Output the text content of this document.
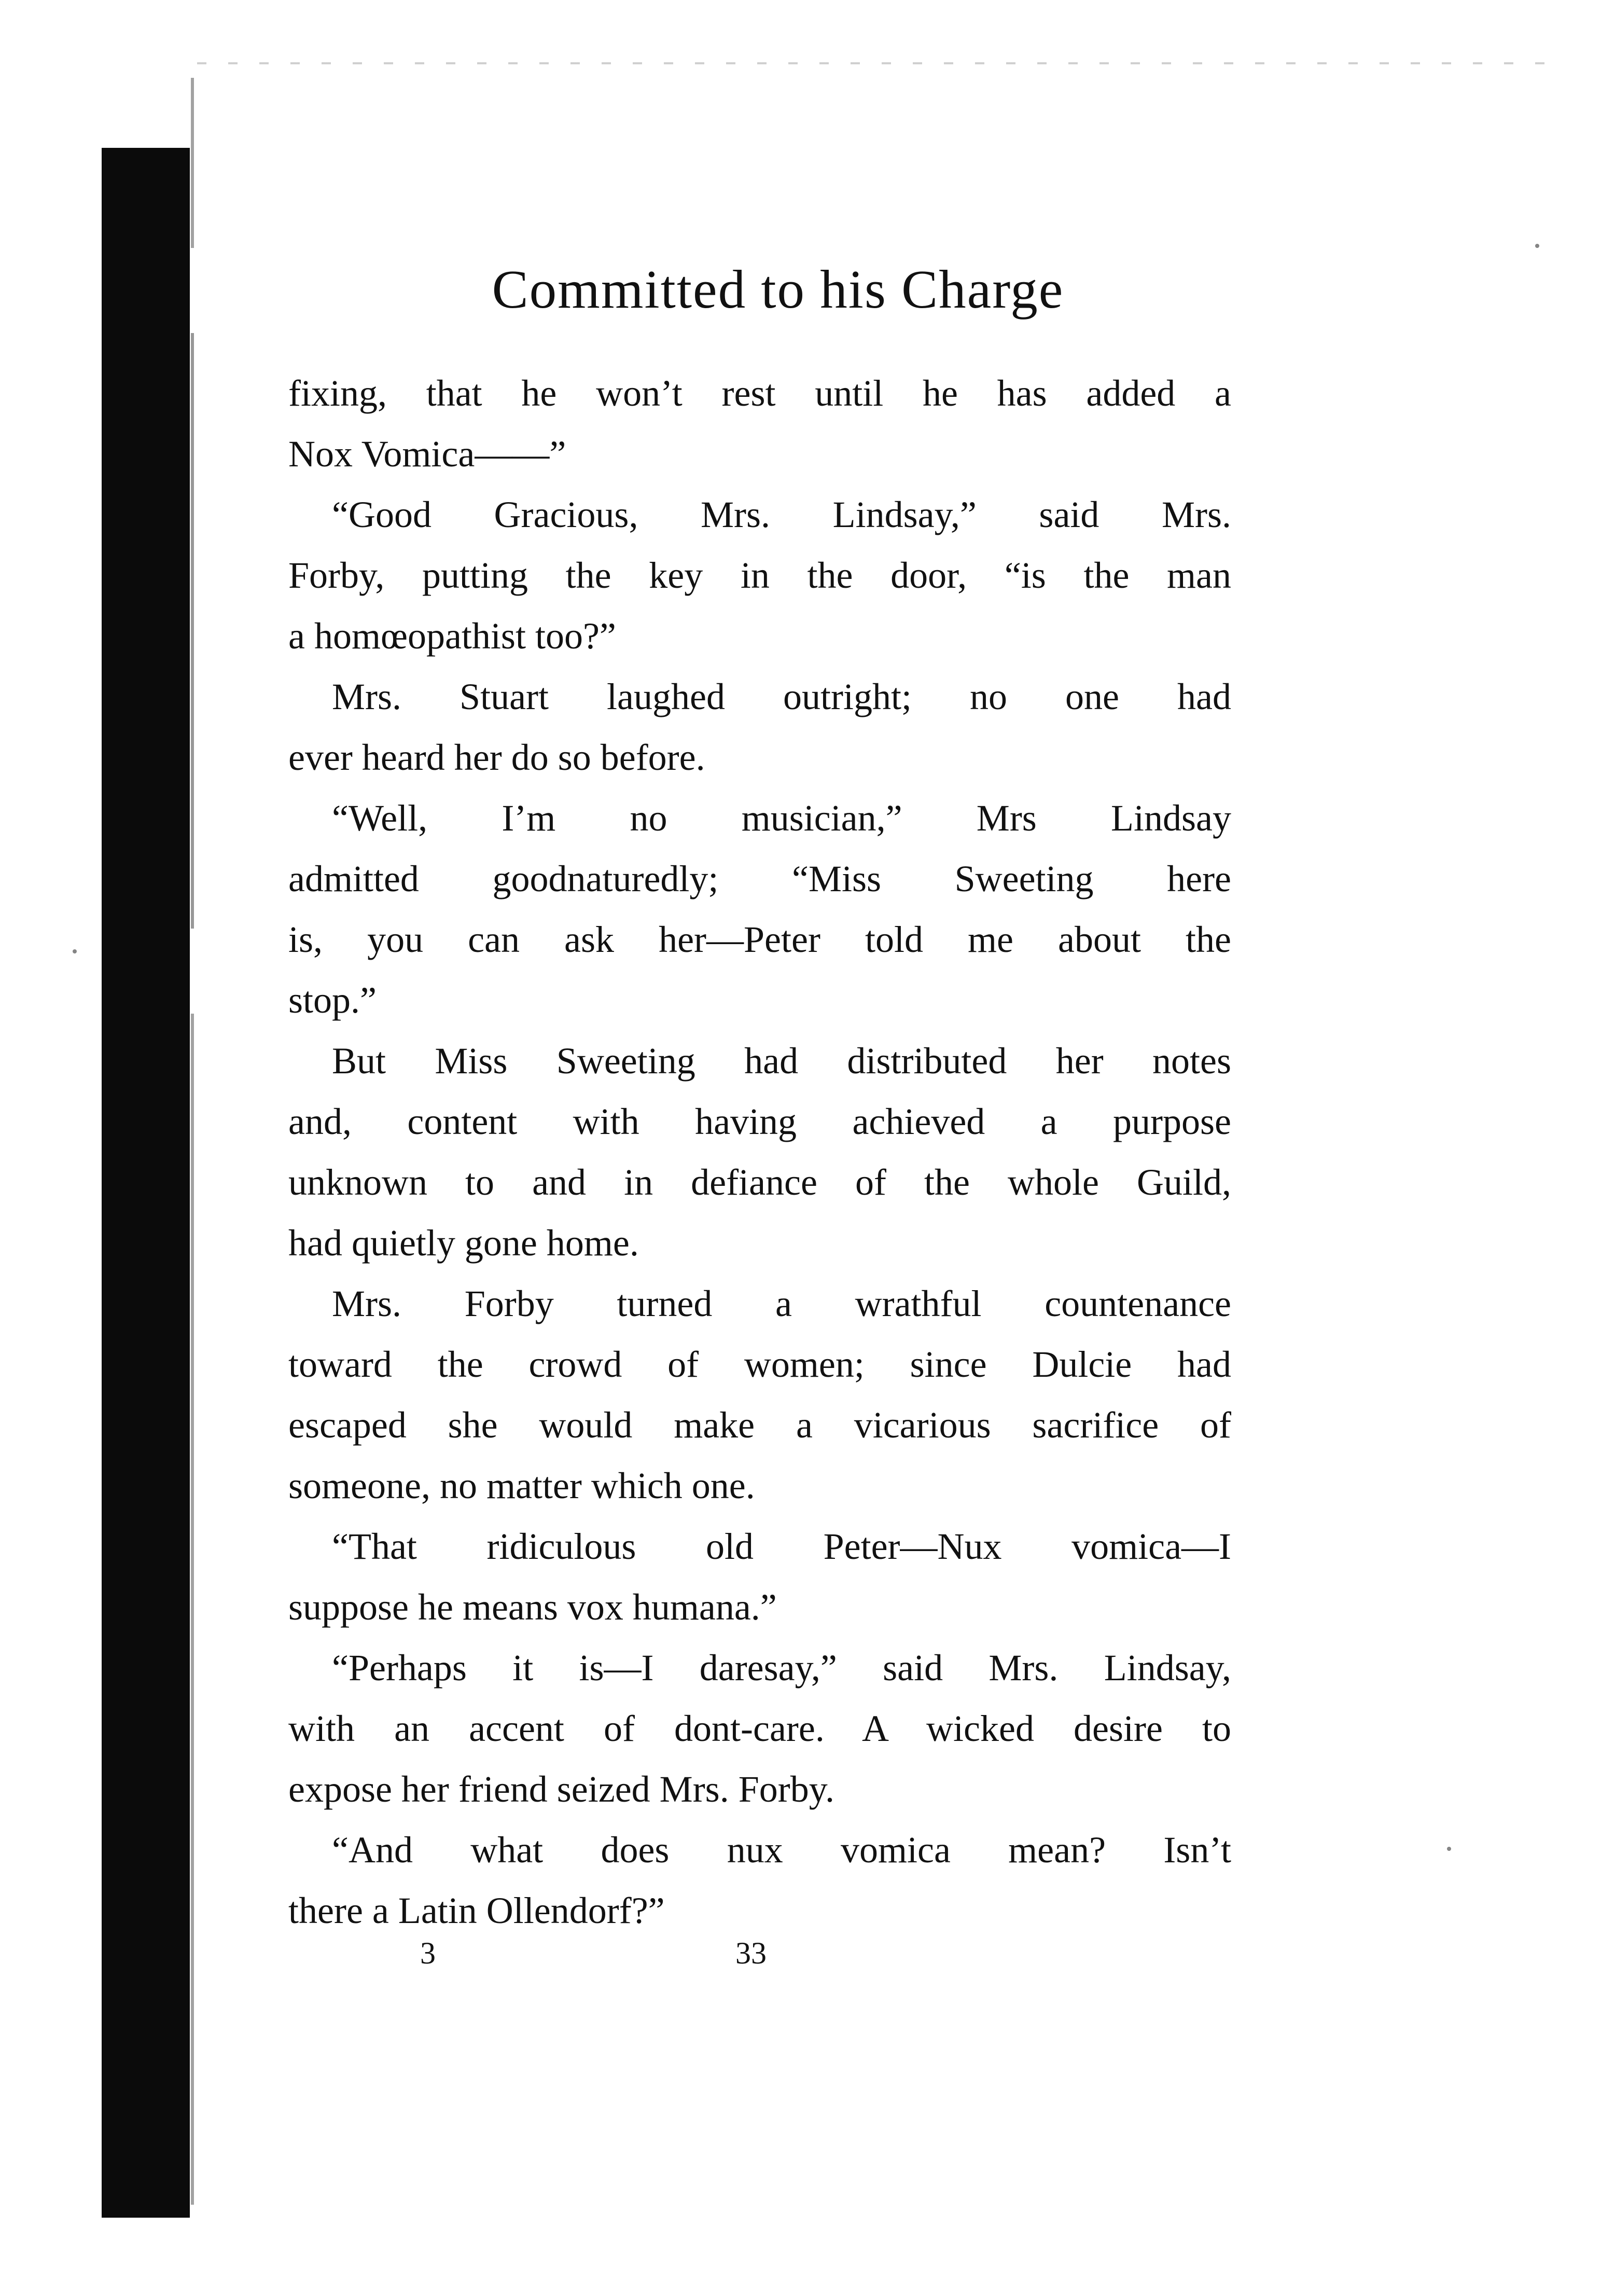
Committed to his Charge
fixing, that he won’t rest until he has added a
Nox Vomica——”
“Good Gracious, Mrs. Lindsay,” said Mrs.
Forby, putting the key in the door, “is the man
a homœopathist too?”
Mrs. Stuart laughed outright; no one had
ever heard her do so before.
“Well, I’m no musician,” Mrs Lindsay
admitted goodnaturedly; “Miss Sweeting here
is, you can ask her—Peter told me about the
stop.”
But Miss Sweeting had distributed her notes
and, content with having achieved a purpose
unknown to and in defiance of the whole Guild,
had quietly gone home.
Mrs. Forby turned a wrathful countenance
toward the crowd of women; since Dulcie had
escaped she would make a vicarious sacrifice of
someone, no matter which one.
“That ridiculous old Peter—Nux vomica—I
suppose he means vox humana.”
“Perhaps it is—I daresay,” said Mrs. Lindsay,
with an accent of dont-care. A wicked desire to
expose her friend seized Mrs. Forby.
“And what does nux vomica mean? Isn’t
there a Latin Ollendorf?”
3	33
